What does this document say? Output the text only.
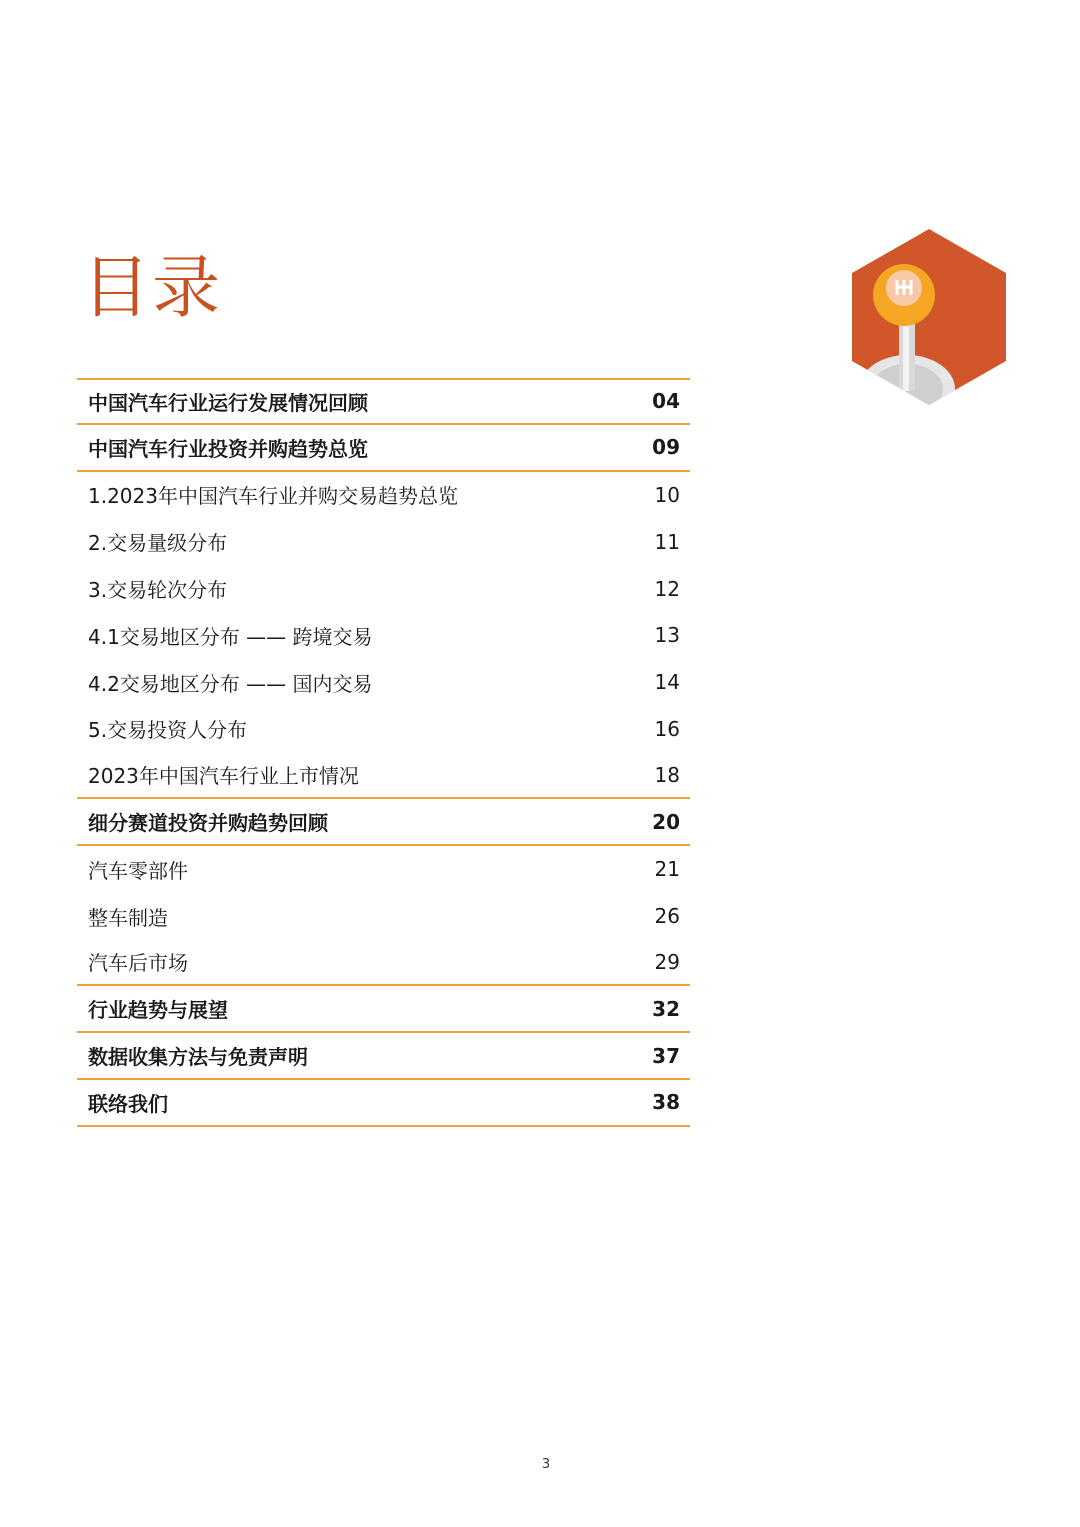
目录
中国汽车行业运行发展情况回顾	04
中国汽车行业投资并购趋势总览	09
1.2023年中国汽车行业并购交易趋势总览	10
2.交易量级分布	11
3.交易轮次分布	12
4.1交易地区分布 —— 跨境交易	13
4.2交易地区分布 —— 国内交易	14
5.交易投资人分布	16
2023年中国汽车行业上市情况	18
细分赛道投资并购趋势回顾	20
汽车零部件	21
整车制造	26
汽车后市场	29
行业趋势与展望	32
数据收集方法与免责声明	37
联络我们	38
3
